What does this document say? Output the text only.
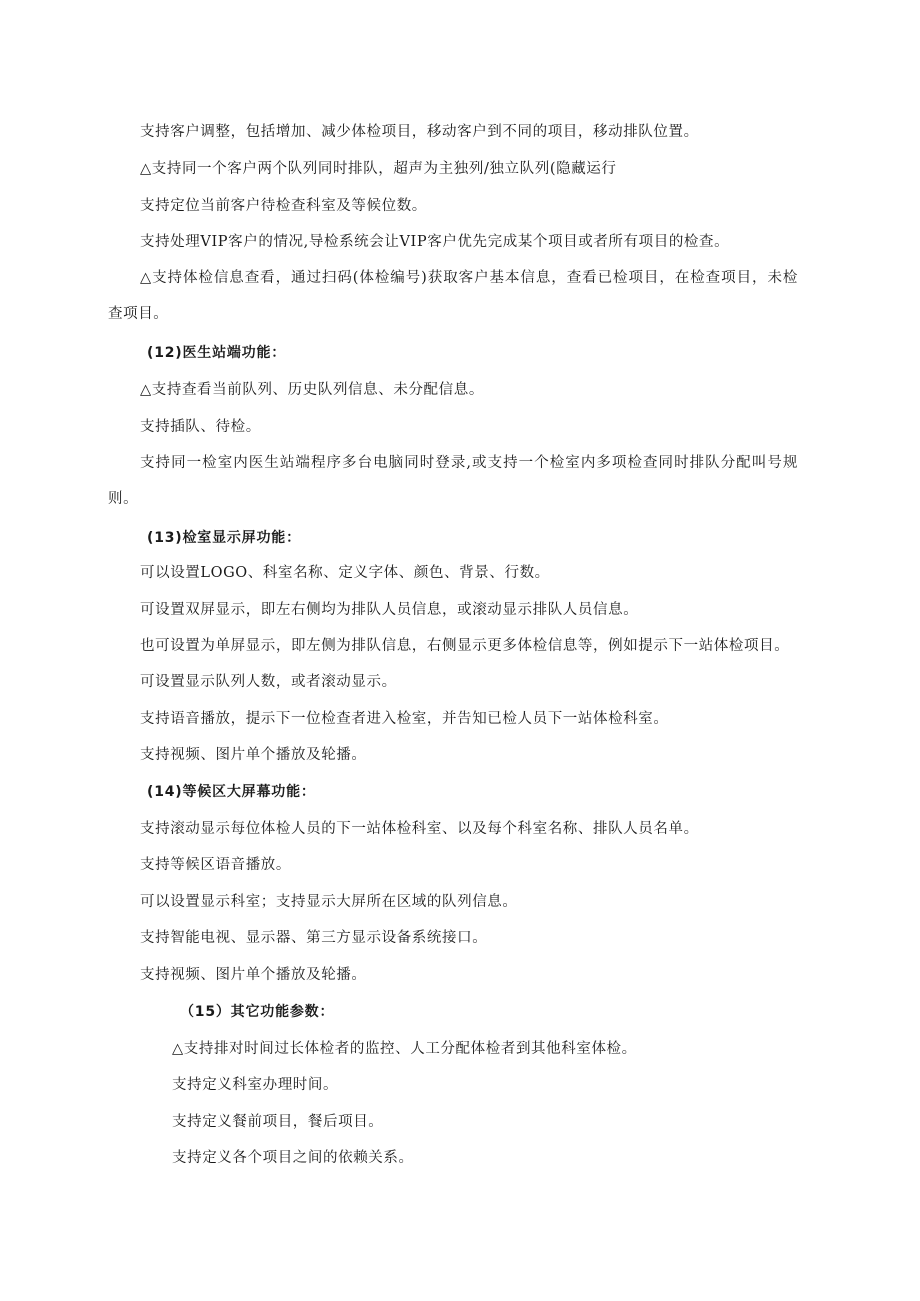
支持客户调整，包括增加、减少体检项目，移动客户到不同的项目，移动排队位置。
△支持同一个客户两个队列同时排队，超声为主独列/独立队列(隐藏运行
支持定位当前客户待检查科室及等候位数。
支持处理VIP客户的情况,导检系统会让VIP客户优先完成某个项目或者所有项目的检查。
△支持体检信息查看，通过扫码(体检编号)获取客户基本信息，查看已检项目，在检查项目，未检查项目。
(12)医生站端功能：
△支持查看当前队列、历史队列信息、未分配信息。
支持插队、待检。
支持同一检室内医生站端程序多台电脑同时登录,或支持一个检室内多项检查同时排队分配叫号规则。
(13)检室显示屏功能：
可以设置LOGO、科室名称、定义字体、颜色、背景、行数。
可设置双屏显示，即左右侧均为排队人员信息，或滚动显示排队人员信息。
也可设置为单屏显示，即左侧为排队信息，右侧显示更多体检信息等，例如提示下一站体检项目。
可设置显示队列人数，或者滚动显示。
支持语音播放，提示下一位检查者进入检室，并告知已检人员下一站体检科室。
支持视频、图片单个播放及轮播。
(14)等候区大屏幕功能：
支持滚动显示每位体检人员的下一站体检科室、以及每个科室名称、排队人员名单。
支持等候区语音播放。
可以设置显示科室；支持显示大屏所在区域的队列信息。
支持智能电视、显示器、第三方显示设备系统接口。
支持视频、图片单个播放及轮播。
（15）其它功能参数：
△支持排对时间过长体检者的监控、人工分配体检者到其他科室体检。
支持定义科室办理时间。
支持定义餐前项目，餐后项目。
支持定义各个项目之间的依赖关系。
